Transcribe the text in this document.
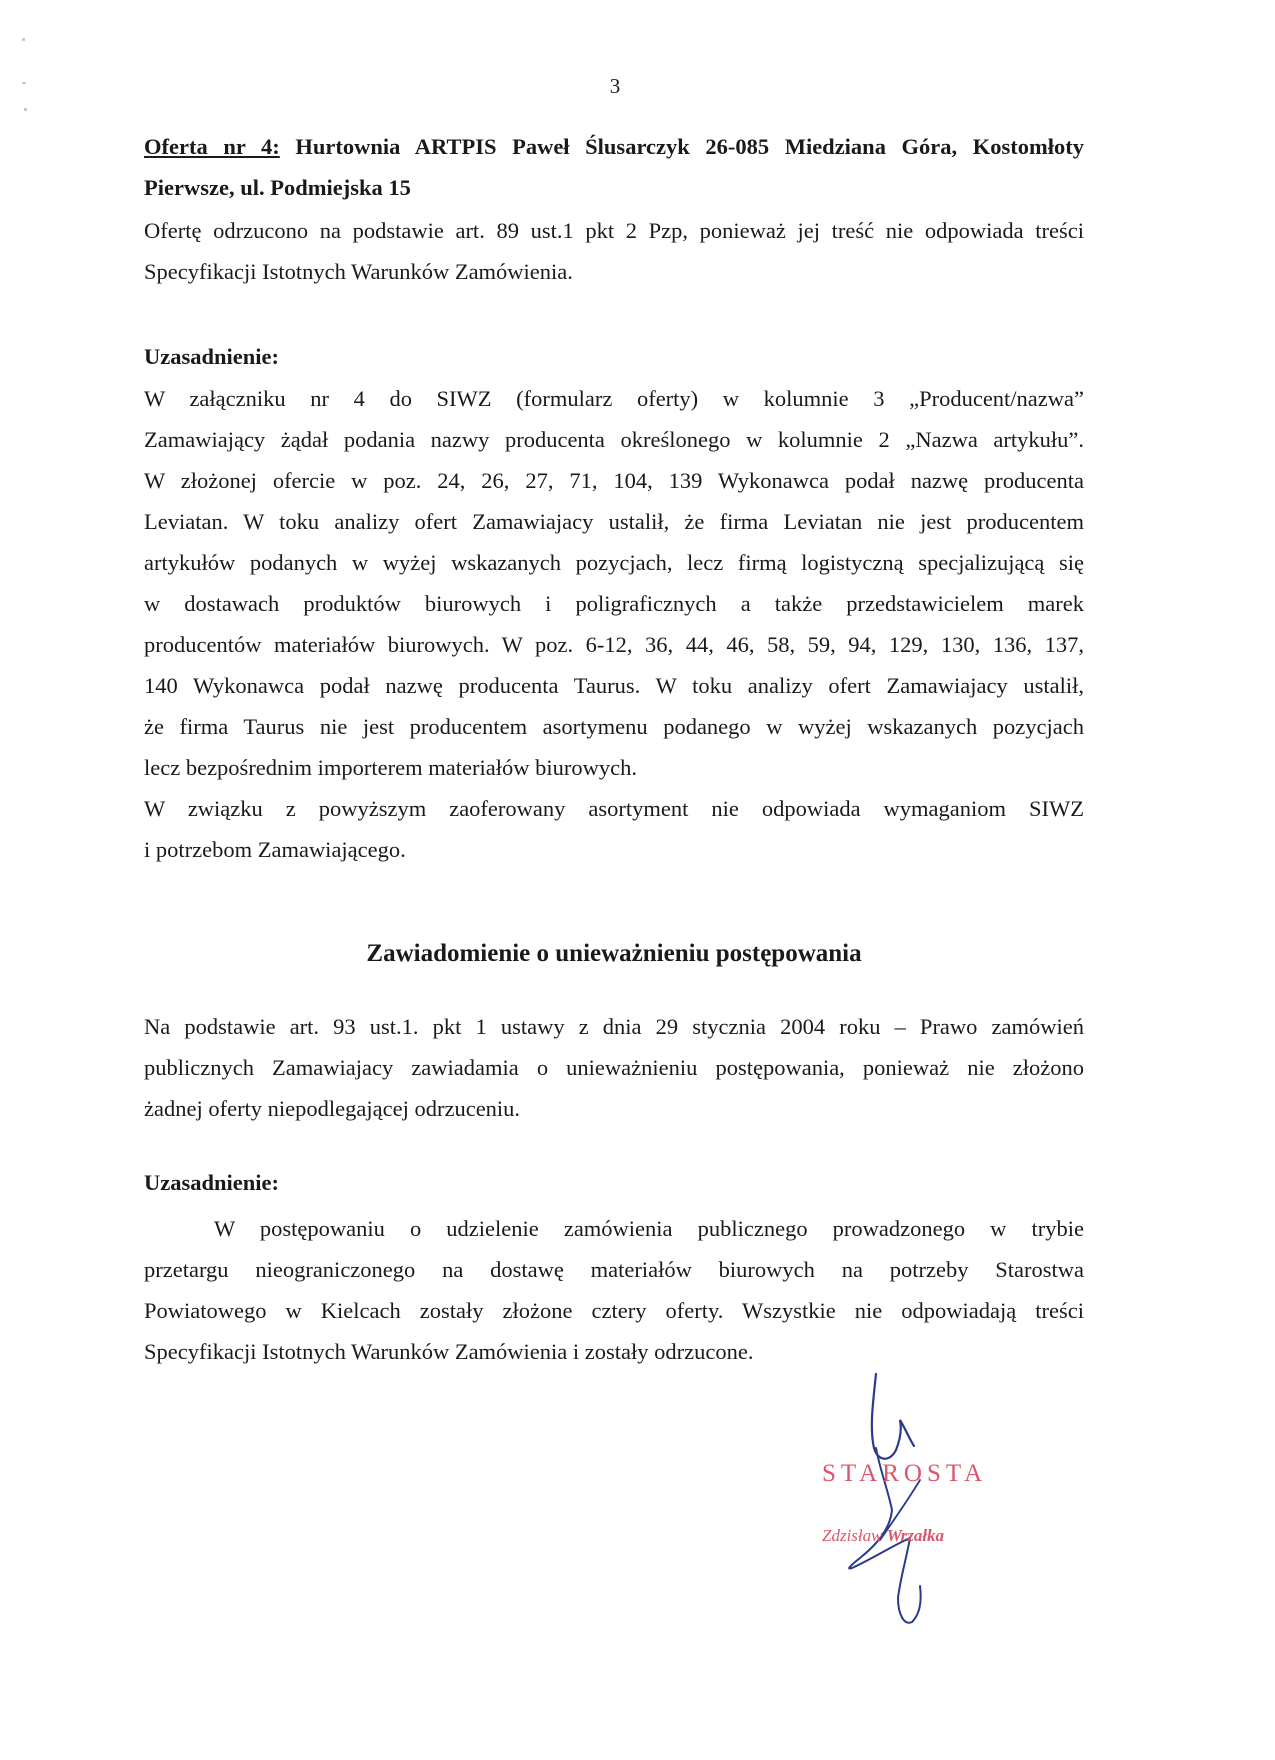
3
Oferta nr 4: Hurtownia ARTPIS Paweł Ślusarczyk 26-085 Miedziana Góra, Kostomłoty
Pierwsze, ul. Podmiejska 15
Ofertę odrzucono na podstawie art. 89 ust.1 pkt 2 Pzp, ponieważ jej treść nie odpowiada treści
Specyfikacji Istotnych Warunków Zamówienia.
Uzasadnienie:
W załączniku nr 4 do SIWZ (formularz oferty) w kolumnie 3 „Producent/nazwa”
Zamawiający żądał podania nazwy producenta określonego w kolumnie 2 „Nazwa artykułu”.
W złożonej ofercie w poz. 24, 26, 27, 71, 104, 139 Wykonawca podał nazwę producenta
Leviatan. W toku analizy ofert Zamawiajacy ustalił, że firma Leviatan nie jest producentem
artykułów podanych w wyżej wskazanych pozycjach, lecz firmą logistyczną specjalizującą się
w dostawach produktów biurowych i poligraficznych a także przedstawicielem marek
producentów materiałów biurowych. W poz. 6-12, 36, 44, 46, 58, 59, 94, 129, 130, 136, 137,
140 Wykonawca podał nazwę producenta Taurus. W toku analizy ofert Zamawiajacy ustalił,
że firma Taurus nie jest producentem asortymenu podanego w wyżej wskazanych pozycjach
lecz bezpośrednim importerem materiałów biurowych.
W związku z powyższym zaoferowany asortyment nie odpowiada wymaganiom SIWZ
i potrzebom Zamawiającego.
Zawiadomienie o unieważnieniu postępowania
Na podstawie art. 93 ust.1. pkt 1 ustawy z dnia 29 stycznia 2004 roku – Prawo zamówień
publicznych Zamawiajacy zawiadamia o unieważnieniu postępowania, ponieważ nie złożono
żadnej oferty niepodlegającej odrzuceniu.
Uzasadnienie:
W postępowaniu o udzielenie zamówienia publicznego prowadzonego w trybie
przetargu nieograniczonego na dostawę materiałów biurowych na potrzeby Starostwa
Powiatowego w Kielcach zostały złożone cztery oferty. Wszystkie nie odpowiadają treści
Specyfikacji Istotnych Warunków Zamówienia i zostały odrzucone.
STAROSTA
Zdzisław Wrzałka
